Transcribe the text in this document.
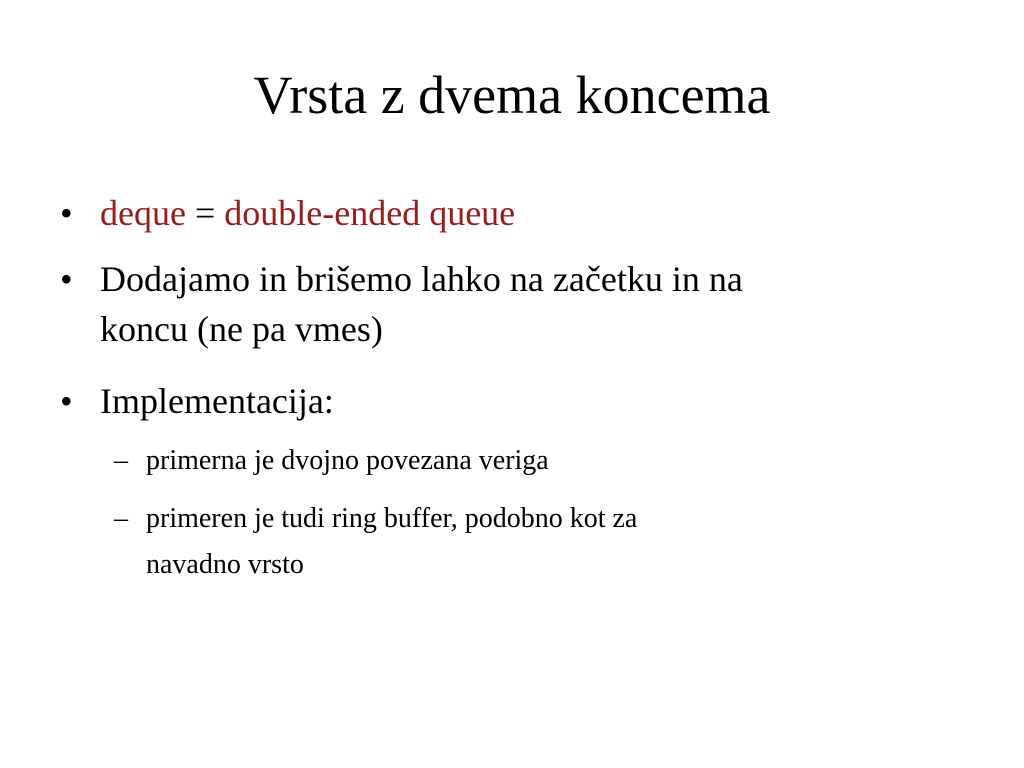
Vrsta z dvema koncema
• deque = double-ended queue
• Dodajamo in brišemo lahko na začetku in na
koncu (ne pa vmes)
• Implementacija:
– primerna je dvojno povezana veriga
– primeren je tudi ring buffer, podobno kot za
navadno vrsto
